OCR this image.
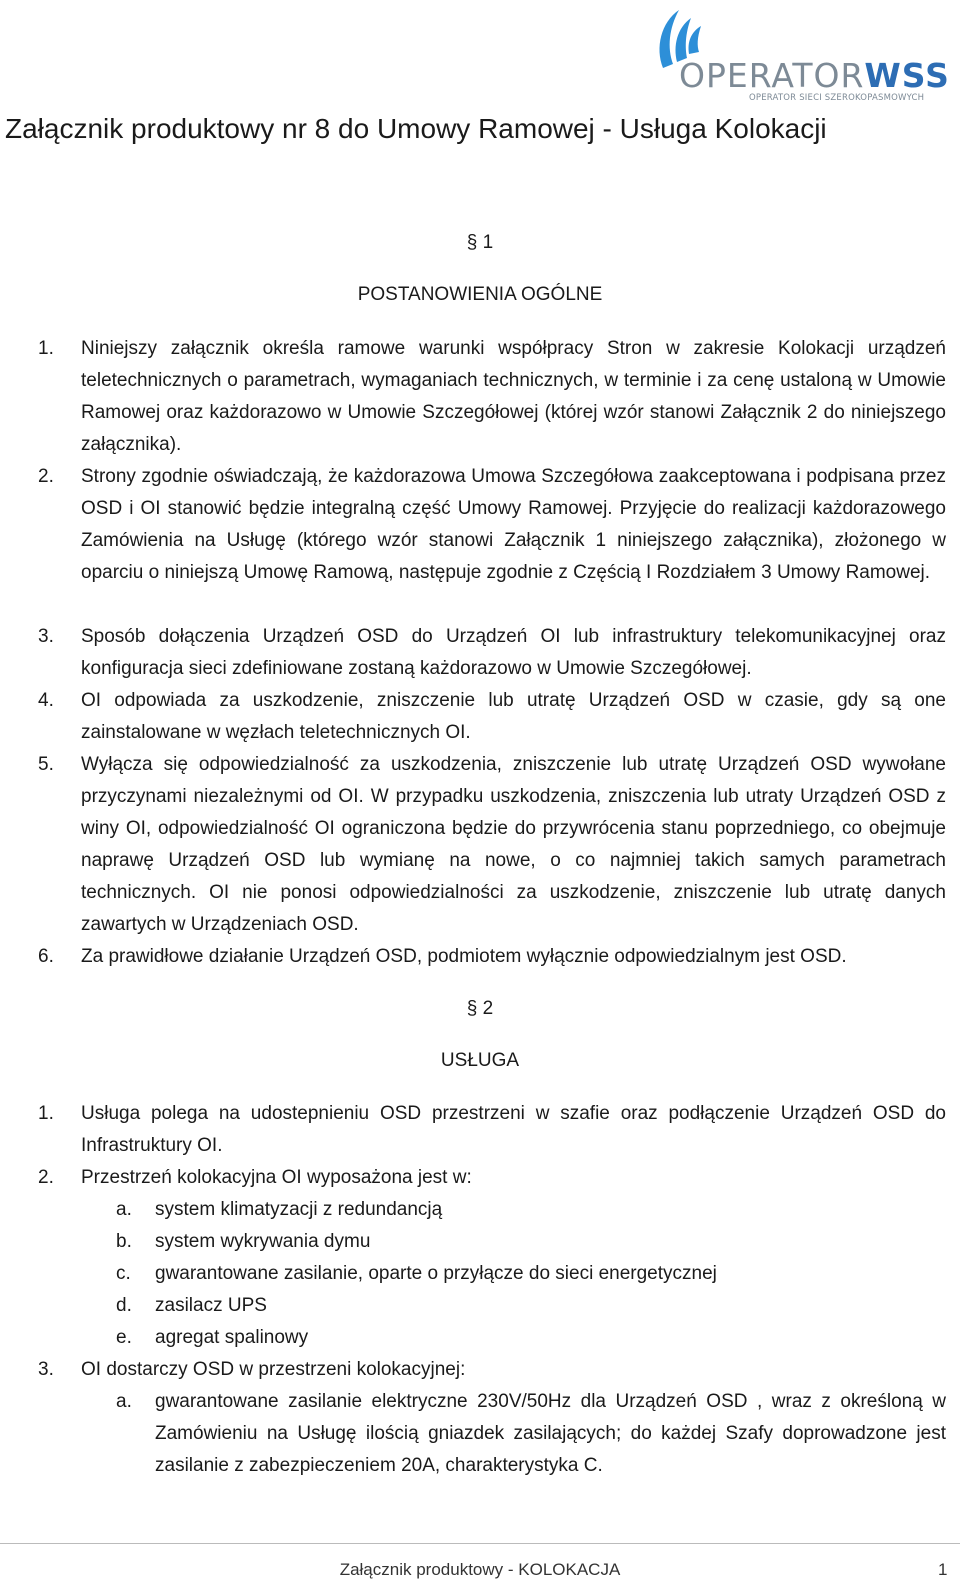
OPERATORWSS
OPERATOR SIECI SZEROKOPASMOWYCH
Załącznik produktowy nr 8 do Umowy Ramowej - Usługa Kolokacji
§ 1
POSTANOWIENIA OGÓLNE
1. Niniejszy załącznik określa ramowe warunki współpracy Stron w zakresie Kolokacji urządzeń teletechnicznych o parametrach, wymaganiach technicznych, w terminie i za cenę ustaloną w Umowie Ramowej oraz każdorazowo w Umowie Szczegółowej (której wzór stanowi Załącznik 2 do niniejszego załącznika).
2. Strony zgodnie oświadczają, że każdorazowa Umowa Szczegółowa zaakceptowana i podpisana przez OSD i OI stanowić będzie integralną część Umowy Ramowej. Przyjęcie do realizacji każdorazowego Zamówienia na Usługę (którego wzór stanowi Załącznik 1 niniejszego załącznika), złożonego w oparciu o niniejszą Umowę Ramową, następuje zgodnie z Częścią I Rozdziałem 3 Umowy Ramowej.
3. Sposób dołączenia Urządzeń OSD do Urządzeń OI lub infrastruktury telekomunikacyjnej oraz konfiguracja sieci zdefiniowane zostaną każdorazowo w Umowie Szczegółowej.
4. OI odpowiada za uszkodzenie, zniszczenie lub utratę Urządzeń OSD w czasie, gdy są one zainstalowane w węzłach teletechnicznych OI.
5. Wyłącza się odpowiedzialność za uszkodzenia, zniszczenie lub utratę Urządzeń OSD wywołane przyczynami niezależnymi od OI. W przypadku uszkodzenia, zniszczenia lub utraty Urządzeń OSD z winy OI, odpowiedzialność OI ograniczona będzie do przywrócenia stanu poprzedniego, co obejmuje naprawę Urządzeń OSD lub wymianę na nowe, o co najmniej takich samych parametrach technicznych. OI nie ponosi odpowiedzialności za uszkodzenie, zniszczenie lub utratę danych zawartych w Urządzeniach OSD.
6. Za prawidłowe działanie Urządzeń OSD, podmiotem wyłącznie odpowiedzialnym jest OSD.
§ 2
USŁUGA
1. Usługa polega na udostepnieniu OSD przestrzeni w szafie oraz podłączenie Urządzeń OSD do Infrastruktury OI.
2. Przestrzeń kolokacyjna OI wyposażona jest w:
a. system klimatyzacji z redundancją
b. system wykrywania dymu
c. gwarantowane zasilanie, oparte o przyłącze do sieci energetycznej
d. zasilacz UPS
e. agregat spalinowy
3. OI dostarczy OSD w przestrzeni kolokacyjnej:
a. gwarantowane zasilanie elektryczne 230V/50Hz dla Urządzeń OSD , wraz z określoną w Zamówieniu na Usługę ilością gniazdek zasilających; do każdej Szafy doprowadzone jest zasilanie z zabezpieczeniem 20A, charakterystyka C.
Załącznik produktowy - KOLOKACJA	1
